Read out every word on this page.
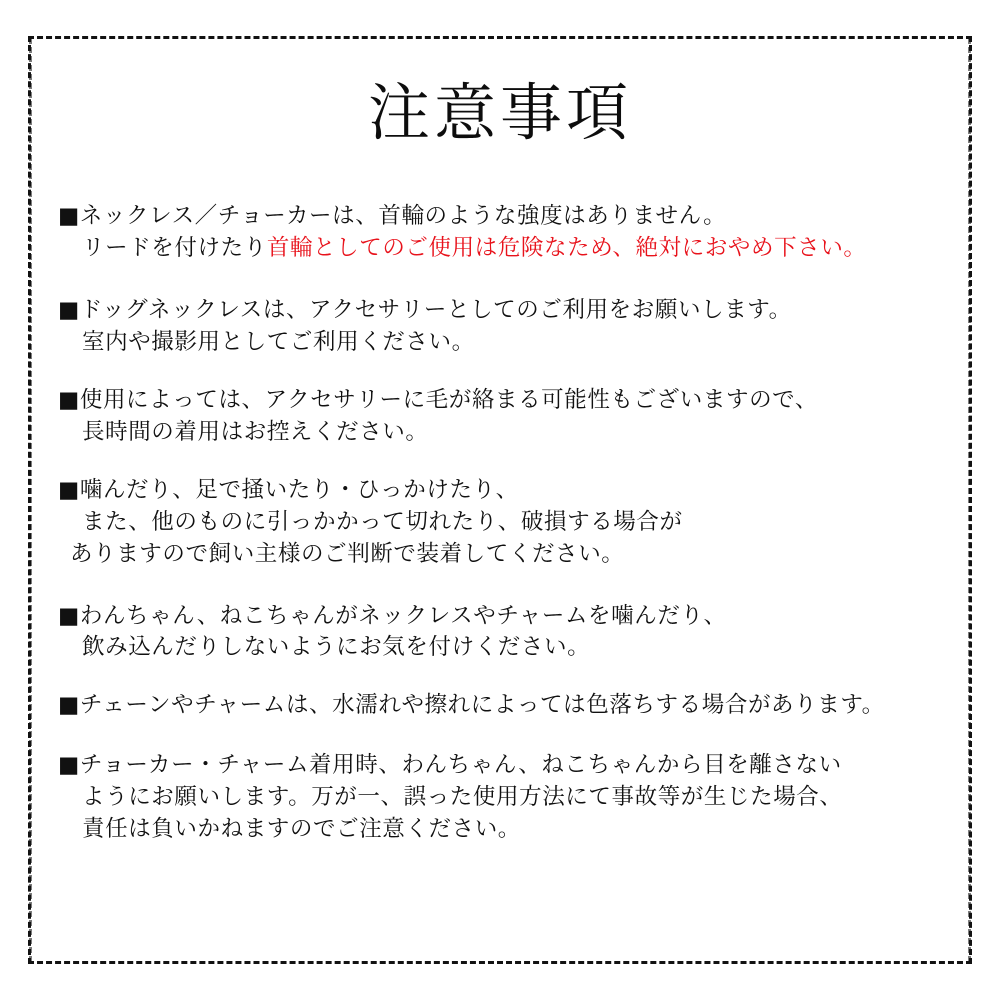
注意事項
■ネックレス／チョーカーは、首輪のような強度はありません。
リードを付けたり首輪としてのご使用は危険なため、絶対におやめ下さい。
■ドッグネックレスは、アクセサリーとしてのご利用をお願いします。
室内や撮影用としてご利用ください。
■使用によっては、アクセサリーに毛が絡まる可能性もございますので、
長時間の着用はお控えください。
■噛んだり、足で掻いたり・ひっかけたり、
また、他のものに引っかかって切れたり、破損する場合が
ありますので飼い主様のご判断で装着してください。
■わんちゃん、ねこちゃんがネックレスやチャームを噛んだり、
飲み込んだりしないようにお気を付けください。
■チェーンやチャームは、水濡れや擦れによっては色落ちする場合があります。
■チョーカー・チャーム着用時、わんちゃん、ねこちゃんから目を離さない
ようにお願いします。万が一、誤った使用方法にて事故等が生じた場合、
責任は負いかねますのでご注意ください。
